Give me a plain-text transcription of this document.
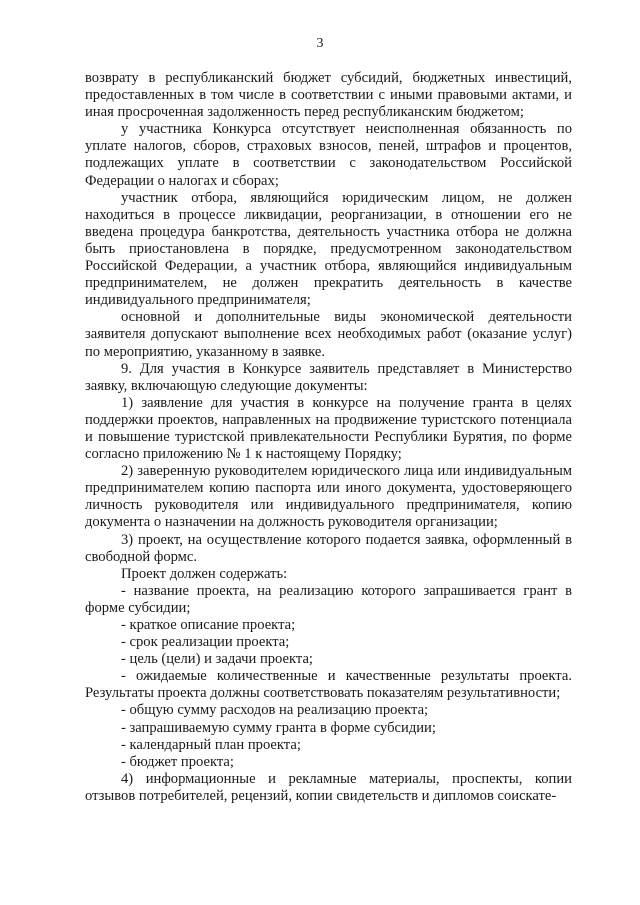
3

возврату в республиканский бюджет субсидий, бюджетных инвестиций, предоставленных в том числе в соответствии с иными правовыми актами, и иная просроченная задолженность перед республиканским бюджетом;

у участника Конкурса отсутствует неисполненная обязанность по уплате налогов, сборов, страховых взносов, пеней, штрафов и процентов, подлежащих уплате в соответствии с законодательством Российской Федерации о налогах и сборах;

участник отбора, являющийся юридическим лицом, не должен находиться в процессе ликвидации, реорганизации, в отношении его не введена процедура банкротства, деятельность участника отбора не должна быть приостановлена в порядке, предусмотренном законодательством Российской Федерации, а участник отбора, являющийся индивидуальным предпринимателем, не должен прекратить деятельность в качестве индивидуального предпринимателя;

основной и дополнительные виды экономической деятельности заявителя допускают выполнение всех необходимых работ (оказание услуг) по мероприятию, указанному в заявке.

9. Для участия в Конкурсе заявитель представляет в Министерство заявку, включающую следующие документы:

1) заявление для участия в конкурсе на получение гранта в целях поддержки проектов, направленных на продвижение туристского потенциала и повышение туристской привлекательности Республики Бурятия, по форме согласно приложению № 1 к настоящему Порядку;

2) заверенную руководителем юридического лица или индивидуальным предпринимателем копию паспорта или иного документа, удостоверяющего личность руководителя или индивидуального предпринимателя, копию документа о назначении на должность руководителя организации;

3) проект, на осуществление которого подается заявка, оформленный в свободной формс.

Проект должен содержать:

- название проекта, на реализацию которого запрашивается грант в форме субсидии;

- краткое описание проекта;

- срок реализации проекта;

- цель (цели) и задачи проекта;

- ожидаемые количественные и качественные результаты проекта. Результаты проекта должны соответствовать показателям результативности;

- общую сумму расходов на реализацию проекта;

- запрашиваемую сумму гранта в форме субсидии;

- календарный план проекта;

- бюджет проекта;

4) информационные и рекламные материалы, проспекты, копии отзывов потребителей, рецензий, копии свидетельств и дипломов соискате-
